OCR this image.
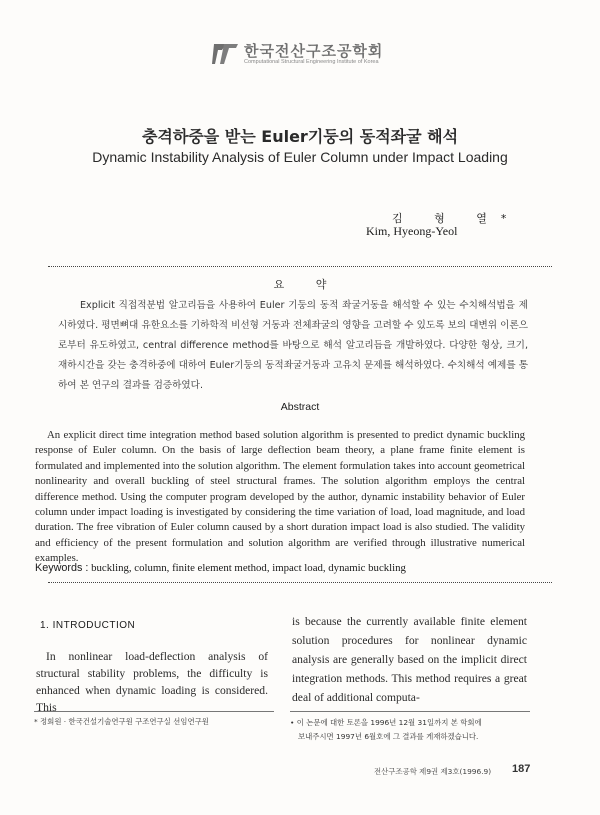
한국전산구조공학회
Computational Structural Engineering Institute of Korea
충격하중을 받는 Euler기둥의 동적좌굴 해석
Dynamic Instability Analysis of Euler Column under Impact Loading
김 형 열*
Kim, Hyeong-Yeol
요 약
Explicit 직접적분법 알고리듬을 사용하여 Euler 기둥의 동적 좌굴거동을 해석할 수 있는 수치해석법을 제시하였다. 평면뼈대 유한요소를 기하학적 비선형 거동과 전체좌굴의 영향을 고려할 수 있도록 보의 대변위 이론으로부터 유도하였고, central difference method를 바탕으로 해석 알고리듬을 개발하였다. 다양한 형상, 크기, 재하시간을 갖는 충격하중에 대하여 Euler기둥의 동적좌굴거동과 고유치 문제를 해석하였다. 수치해석 예제를 통하여 본 연구의 결과를 검증하였다.
Abstract
An explicit direct time integration method based solution algorithm is presented to predict dynamic buckling response of Euler column. On the basis of large deflection beam theory, a plane frame finite element is formulated and implemented into the solution algorithm. The element formulation takes into account geometrical nonlinearity and overall buckling of steel structural frames. The solution algorithm employs the central difference method. Using the computer program developed by the author, dynamic instability behavior of Euler column under impact loading is investigated by considering the time variation of load, load magnitude, and load duration. The free vibration of Euler column caused by a short duration impact load is also studied. The validity and efficiency of the present formulation and solution algorithm are verified through illustrative numerical examples.
Keywords : buckling, column, finite element method, impact load, dynamic buckling
1. INTRODUCTION
In nonlinear load-deflection analysis of structural stability problems, the difficulty is enhanced when dynamic loading is considered. This
is because the currently available finite element solution procedures for nonlinear dynamic analysis are generally based on the implicit direct integration methods. This method requires a great deal of additional computa-
* 정회원 · 한국건설기술연구원 구조연구실 선임연구원	• 이 논문에 대한 토론을 1996년 12월 31일까지 본 학회에
보내주시면 1997년 6월호에 그 결과를 게재하겠습니다.
전산구조공학 제9권 제3호(1996.9) 187
